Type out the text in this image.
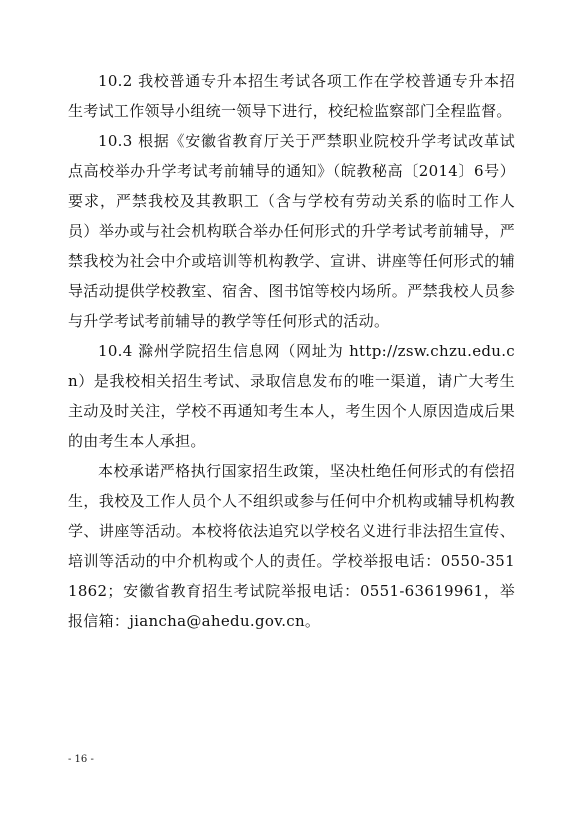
10.2 我校普通专升本招生考试各项工作在学校普通专升本招生考试工作领导小组统一领导下进行，校纪检监察部门全程监督。

10.3 根据《安徽省教育厅关于严禁职业院校升学考试改革试点高校举办升学考试考前辅导的通知》（皖教秘高〔2014〕6号）要求，严禁我校及其教职工（含与学校有劳动关系的临时工作人员）举办或与社会机构联合举办任何形式的升学考试考前辅导，严禁我校为社会中介或培训等机构教学、宣讲、讲座等任何形式的辅导活动提供学校教室、宿舍、图书馆等校内场所。严禁我校人员参与升学考试考前辅导的教学等任何形式的活动。

10.4 滁州学院招生信息网（网址为 http://zsw.chzu.edu.cn）是我校相关招生考试、录取信息发布的唯一渠道，请广大考生主动及时关注，学校不再通知考生本人，考生因个人原因造成后果的由考生本人承担。

本校承诺严格执行国家招生政策，坚决杜绝任何形式的有偿招生，我校及工作人员个人不组织或参与任何中介机构或辅导机构教学、讲座等活动。本校将依法追究以学校名义进行非法招生宣传、培训等活动的中介机构或个人的责任。学校举报电话：0550-3511862；安徽省教育招生考试院举报电话：0551-63619961，举报信箱：jiancha@ahedu.gov.cn。

- 16 -
